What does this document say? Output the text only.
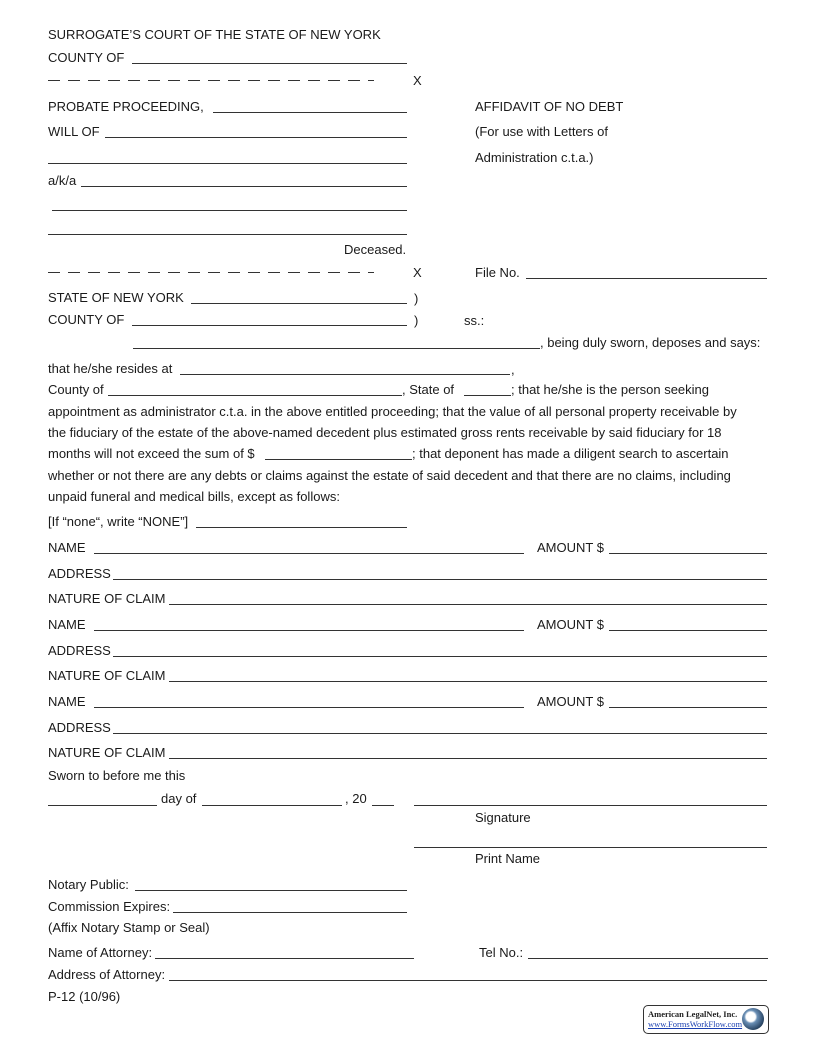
SURROGATE’S COURT OF THE STATE OF NEW YORK
COUNTY OF
X
PROBATE PROCEEDING,
WILL OF
a/k/a
Deceased.
X
AFFIDAVIT OF NO DEBT
(For use with Letters of
Administration c.t.a.)
File No.
STATE OF NEW YORK	)
COUNTY OF	)	ss.:
, being duly sworn, deposes and says:
that he/she resides at	,
County of	, State of	; that he/she is the person seeking
appointment as administrator c.t.a. in the above entitled proceeding; that the value of all personal property receivable by
the fiduciary of the estate of the above-named decedent plus estimated gross rents receivable by said fiduciary for 18
months will not exceed the sum of $	; that deponent has made a diligent search to ascertain
whether or not there are any debts or claims against the estate of said decedent and that there are no claims, including
unpaid funeral and medical bills, except as follows:
[If “none“, write “NONE”]
NAME	AMOUNT $
ADDRESS
NATURE OF CLAIM
NAME	AMOUNT $
ADDRESS
NATURE OF CLAIM
NAME	AMOUNT $
ADDRESS
NATURE OF CLAIM
Sworn to before me this
day of	, 20
Signature
Print Name
Notary Public:
Commission Expires:
(Affix Notary Stamp or Seal)
Name of Attorney:	Tel No.:
Address of Attorney:
P-12 (10/96)
American LegalNet, Inc.
www.FormsWorkFlow.com
